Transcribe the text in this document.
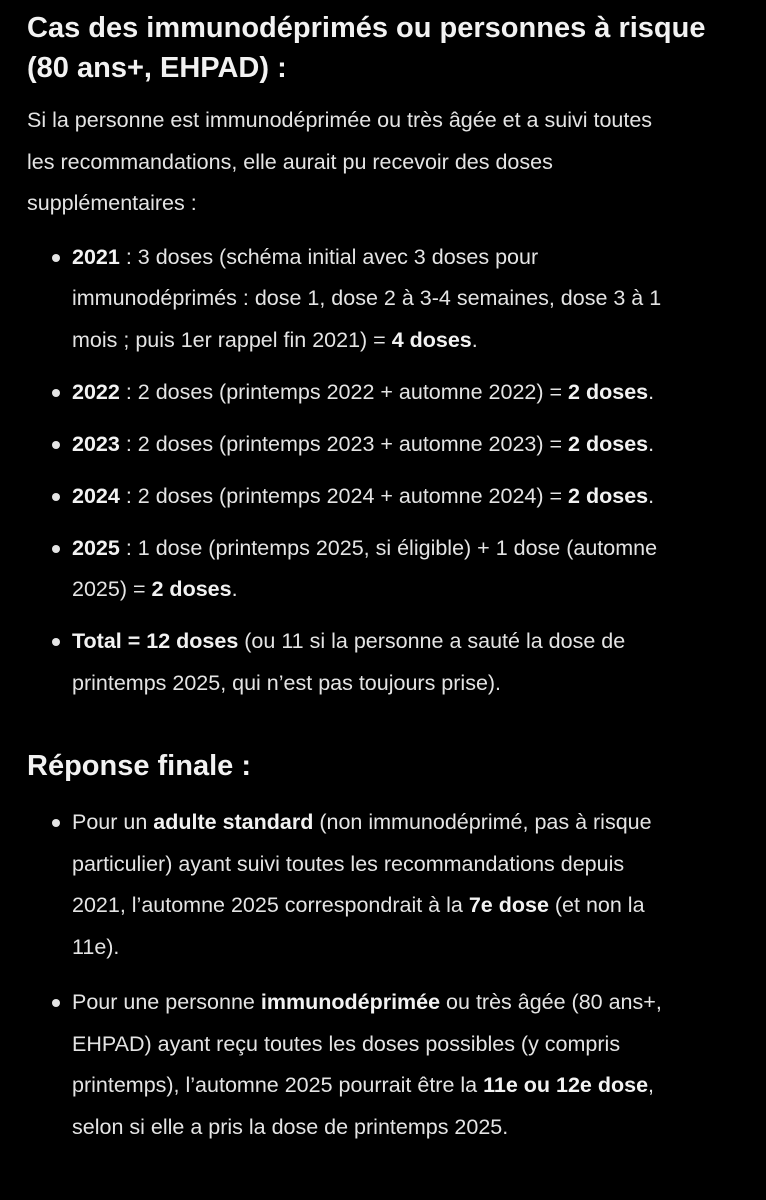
Cas des immunodéprimés ou personnes à risque
(80 ans+, EHPAD) :

Si la personne est immunodéprimée ou très âgée et a suivi toutes
les recommandations, elle aurait pu recevoir des doses
supplémentaires :

2021 : 3 doses (schéma initial avec 3 doses pour
immunodéprimés : dose 1, dose 2 à 3-4 semaines, dose 3 à 1
mois ; puis 1er rappel fin 2021) = 4 doses.
2022 : 2 doses (printemps 2022 + automne 2022) = 2 doses.
2023 : 2 doses (printemps 2023 + automne 2023) = 2 doses.
2024 : 2 doses (printemps 2024 + automne 2024) = 2 doses.
2025 : 1 dose (printemps 2025, si éligible) + 1 dose (automne
2025) = 2 doses.
Total = 12 doses (ou 11 si la personne a sauté la dose de
printemps 2025, qui n’est pas toujours prise).
Réponse finale :
Pour un adulte standard (non immunodéprimé, pas à risque
particulier) ayant suivi toutes les recommandations depuis
2021, l’automne 2025 correspondrait à la 7e dose (et non la
11e).
Pour une personne immunodéprimée ou très âgée (80 ans+,
EHPAD) ayant reçu toutes les doses possibles (y compris
printemps), l’automne 2025 pourrait être la 11e ou 12e dose,
selon si elle a pris la dose de printemps 2025.
